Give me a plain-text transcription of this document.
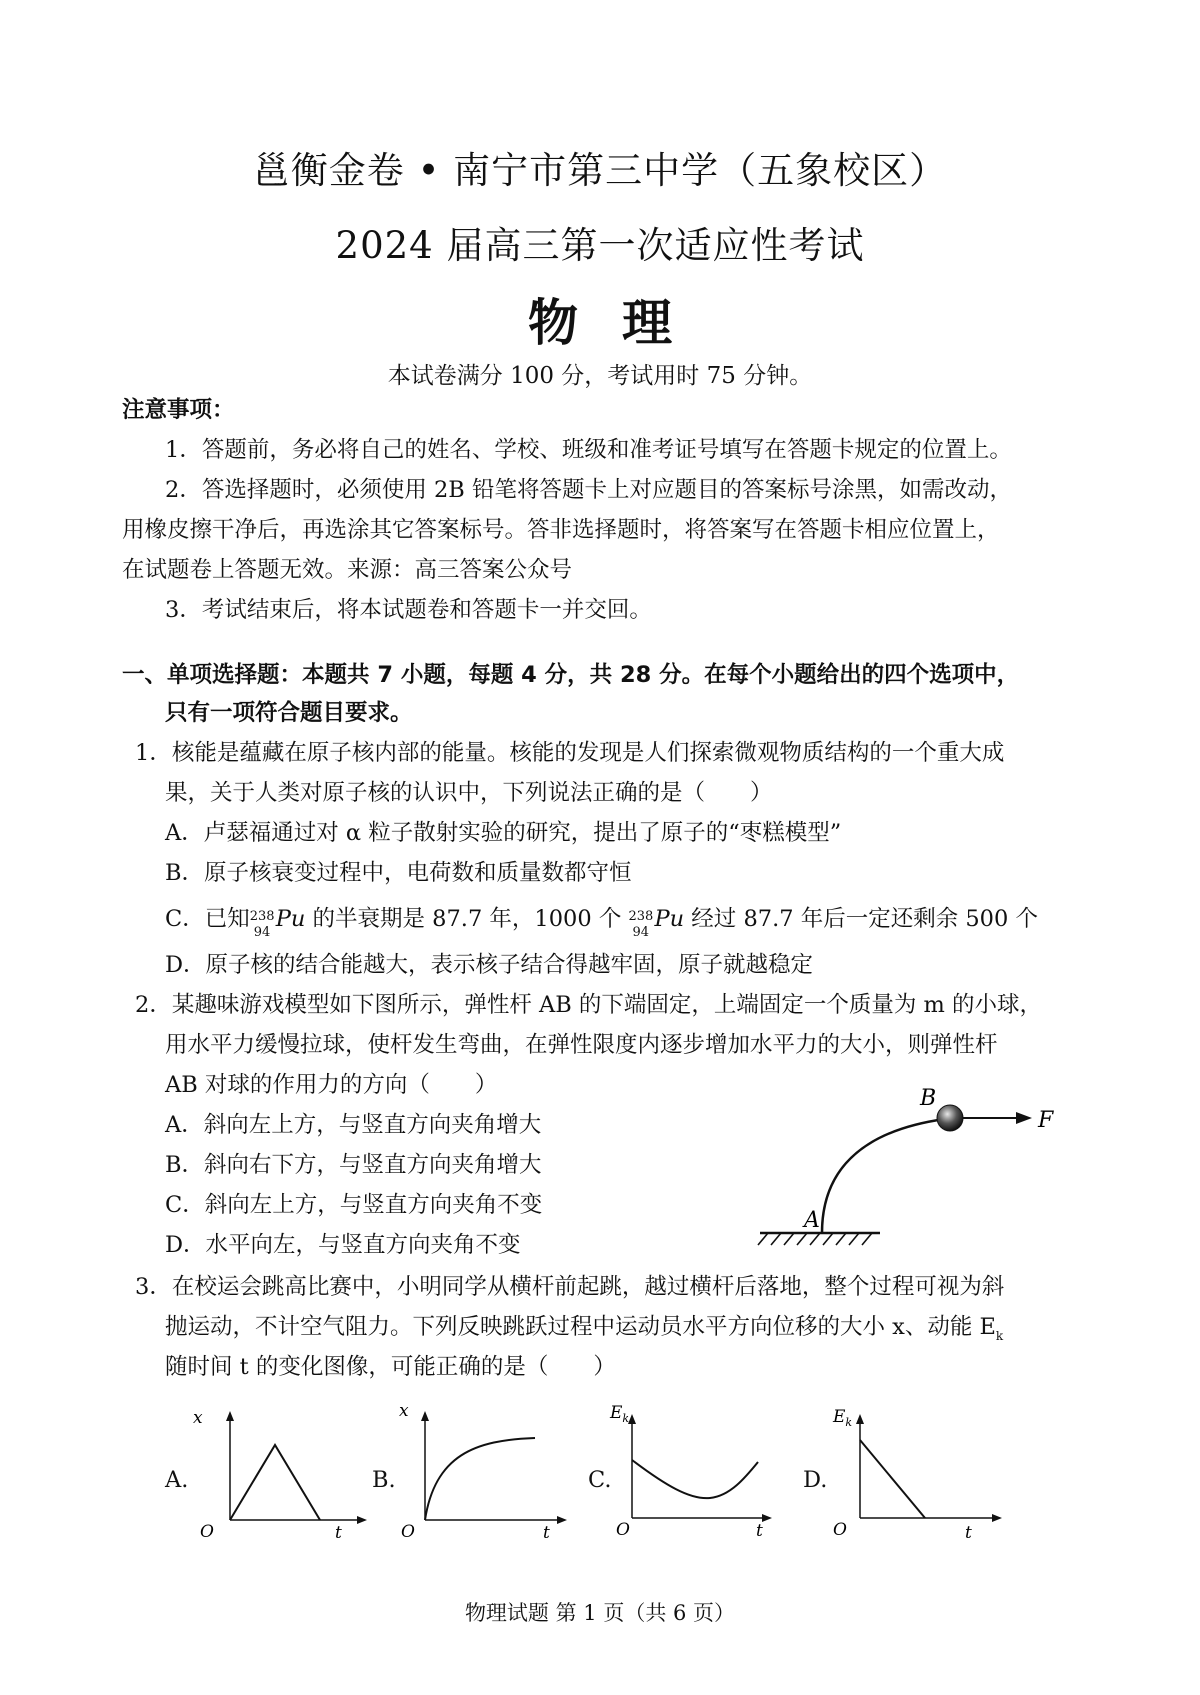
邕衡金卷 • 南宁市第三中学（五象校区）
2024 届高三第一次适应性考试
物 理
本试卷满分 100 分，考试用时 75 分钟。
注意事项：
1．答题前，务必将自己的姓名、学校、班级和准考证号填写在答题卡规定的位置上。
2．答选择题时，必须使用 2B 铅笔将答题卡上对应题目的答案标号涂黑，如需改动，
用橡皮擦干净后，再选涂其它答案标号。答非选择题时，将答案写在答题卡相应位置上，
在试题卷上答题无效。来源：高三答案公众号
3．考试结束后，将本试题卷和答题卡一并交回。
一、单项选择题：本题共 7 小题，每题 4 分，共 28 分。在每个小题给出的四个选项中，
只有一项符合题目要求。
1．核能是蕴藏在原子核内部的能量。核能的发现是人们探索微观物质结构的一个重大成
果，关于人类对原子核的认识中，下列说法正确的是（　　）
A．卢瑟福通过对 α 粒子散射实验的研究，提出了原子的“枣糕模型”
B．原子核衰变过程中，电荷数和质量数都守恒
C．已知 238
94
Pu 的半衰期是 87.7 年，1000 个 238
94
Pu 经过 87.7 年后一定还剩余 500 个
D．原子核的结合能越大，表示核子结合得越牢固，原子就越稳定
2．某趣味游戏模型如下图所示，弹性杆 AB 的下端固定，上端固定一个质量为 m 的小球，
用水平力缓慢拉球，使杆发生弯曲，在弹性限度内逐步增加水平力的大小，则弹性杆
AB 对球的作用力的方向（　　）
A．斜向左上方，与竖直方向夹角增大
B．斜向右下方，与竖直方向夹角增大
C．斜向左上方，与竖直方向夹角不变
D．水平向左，与竖直方向夹角不变
B
F
A
3．在校运会跳高比赛中，小明同学从横杆前起跳，越过横杆后落地，整个过程可视为斜
抛运动，不计空气阻力。下列反映跳跃过程中运动员水平方向位移的大小 x、动能 $E_k$
随时间 t 的变化图像，可能正确的是（　　）
A.
x
O	t
B.
x
O	t
C.
$E_k$
O	t
D.
$E_k$
O	t
物理试题 第 1 页（共 6 页）
